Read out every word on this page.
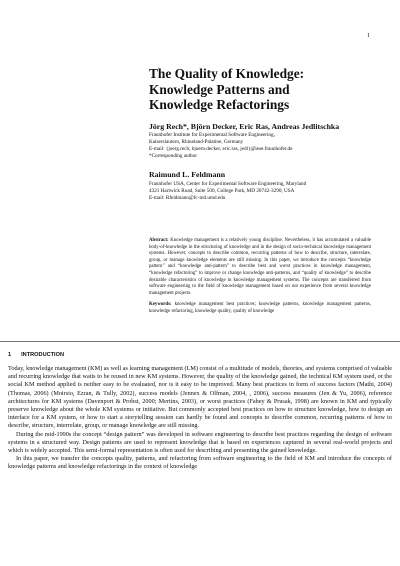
1
The Quality of Knowledge:
Knowledge Patterns and
Knowledge Refactorings
Jörg Rech*, Björn Decker, Eric Ras, Andreas Jedlitschka
Fraunhofer Institute for Experimental Software Engineering,
Kaiserslautern, Rhineland-Palatine, Germany
E-mail: {joerg.rech, bjoern.decker, eric.ras, jedl}@iese.fraunhofer.de
*Corresponding author
Raimund L. Feldmann
Fraunhofer USA, Center for Experimental Software Engineering, Maryland
4321 Hartwick Road, Suite 500, College Park, MD 20742-3290, USA
E-mail: Rfeldmann@fc-md.umd.edu
Abstract: Knowledge management is a relatively young discipline. Nevertheless, it has accumulated a valuable body-of-knowledge in the structuring of knowledge and in the design of socio-technical knowledge management systems. However, concepts to describe common, recurring patterns of how to describe, structure, interrelate, group, or manage knowledge elements are still missing. In this paper, we introduce the concepts “knowledge pattern” and “knowledge anti-pattern” to describe best and worst practices in knowledge management, “knowledge refactoring” to improve or change knowledge anti-patterns, and “quality of knowledge” to describe desirable characteristics of knowledge in knowledge management systems. The concepts are transferred from software engineering to the field of knowledge management based on our experience from several knowledge management projects.
Keywords: knowledge management best practices; knowledge patterns, knowledge management patterns, knowledge refactoring, knowledge quality, quality of knowledge
1 INTRODUCTION

Today, knowledge management (KM) as well as learning management (LM) consist of a multitude of models, theories, and systems comprised of valuable and recurring knowledge that waits to be reused in new KM systems. However, the quality of the knowledge gained, the technical KM system used, or the social KM method applied is neither easy to be evaluated, nor is it easy to be improved. Many best practices in form of success factors (Mathi, 2004) (Thomas, 2006) (Moirsio, Ezran, & Tully, 2002), success models (Jennex & Olfman, 2004, , 2006), success measures (Jen & Yu, 2006), reference architectures for KM systems (Davenport & Probst, 2000; Mertins, 2003), or worst practices (Fahey & Prusak, 1998) are known in KM and typically preserve knowledge about the whole KM systems or initiative. But commonly accepted best practices on how to structure knowledge, how to design an interface for a KM system, or how to start a storytelling session can hardly be found and concepts to describe common, recurring patterns of how to describe, structure, interrelate, group, or manage knowledge are still missing.

During the mid-1990s the concept “design pattern” was developed in software engineering to describe best practices regarding the design of software systems in a structured way. Design patterns are used to represent knowledge that is based on experiences captured in several real-world projects and which is widely accepted. This semi-formal representation is often used for describing and presenting the gained knowledge.

In this paper, we transfer the concepts quality, patterns, and refactoring from software engineering to the field of KM and introduce the concepts of knowledge patterns and knowledge refactorings in the context of knowledge
